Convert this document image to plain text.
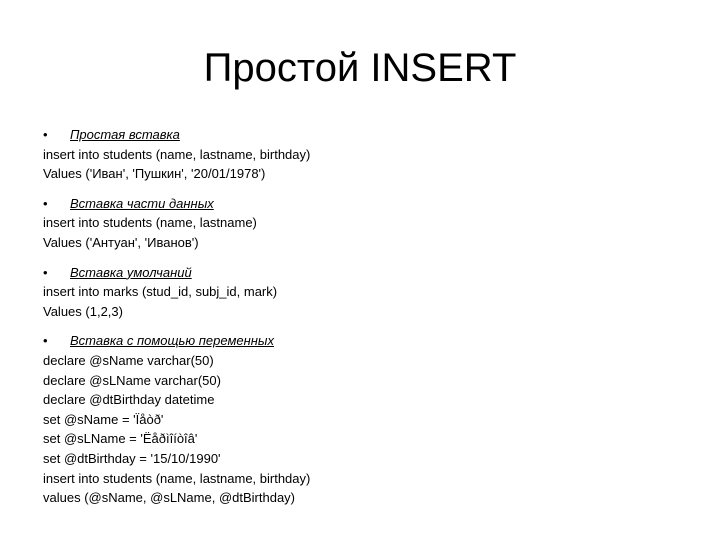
Простой INSERT
• Простая вставка
insert into students (name, lastname, birthday)
Values ('Иван', 'Пушкин', '20/01/1978')
• Вставка части данных
insert into students (name, lastname)
Values ('Антуан', 'Иванов')
• Вставка умолчаний
insert into marks (stud_id, subj_id, mark)
Values (1,2,3)
• Вставка с помощью переменных
declare @sName varchar(50)
declare @sLName varchar(50)
declare @dtBirthday datetime
set @sName = 'Ïåòð'
set @sLName = 'Ëåðìîíòîâ'
set @dtBirthday = '15/10/1990'
insert into students (name, lastname, birthday)
values (@sName, @sLName, @dtBirthday)
